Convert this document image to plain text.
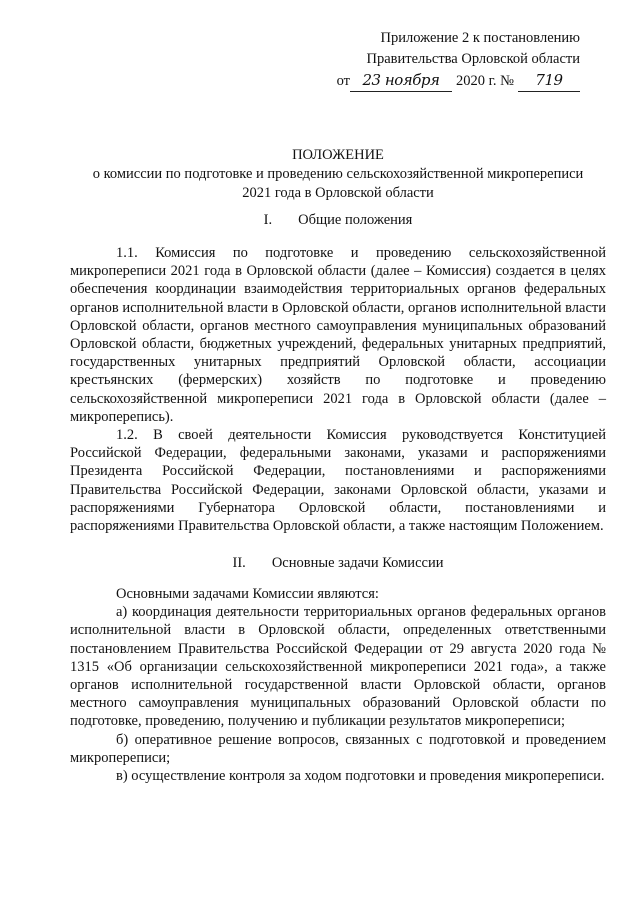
Приложение 2 к постановлению
Правительства Орловской области
от 23 ноября	2020 г. №	719
ПОЛОЖЕНИЕ
о комиссии по подготовке и проведению сельскохозяйственной микропереписи
2021 года в Орловской области
I. Общие положения

1.1. Комиссия по подготовке и проведению сельскохозяйственной микропереписи 2021 года в Орловской области (далее – Комиссия) создается в целях обеспечения координации взаимодействия территориальных органов федеральных органов исполнительной власти в Орловской области, органов исполнительной власти Орловской области, органов местного самоуправления муниципальных образований Орловской области, бюджетных учреждений, федеральных унитарных предприятий, государственных унитарных предприятий Орловской области, ассоциации крестьянских (фермерских) хозяйств по подготовке и проведению сельскохозяйственной микропереписи 2021 года в Орловской области (далее – микроперепись).

1.2. В своей деятельности Комиссия руководствуется Конституцией Российской Федерации, федеральными законами, указами и распоряжениями Президента Российской Федерации, постановлениями и распоряжениями Правительства Российской Федерации, законами Орловской области, указами и распоряжениями Губернатора Орловской области, постановлениями и распоряжениями Правительства Орловской области, а также настоящим Положением.

II. Основные задачи Комиссии

Основными задачами Комиссии являются:

а) координация деятельности территориальных органов федеральных органов исполнительной власти в Орловской области, определенных ответственными постановлением Правительства Российской Федерации от 29 августа 2020 года № 1315 «Об организации сельскохозяйственной микропереписи 2021 года», а также органов исполнительной государственной власти Орловской области, органов местного самоуправления муниципальных образований Орловской области по подготовке, проведению, получению и публикации результатов микропереписи;

б) оперативное решение вопросов, связанных с подготовкой и проведением микропереписи;

в) осуществление контроля за ходом подготовки и проведения микропереписи.
